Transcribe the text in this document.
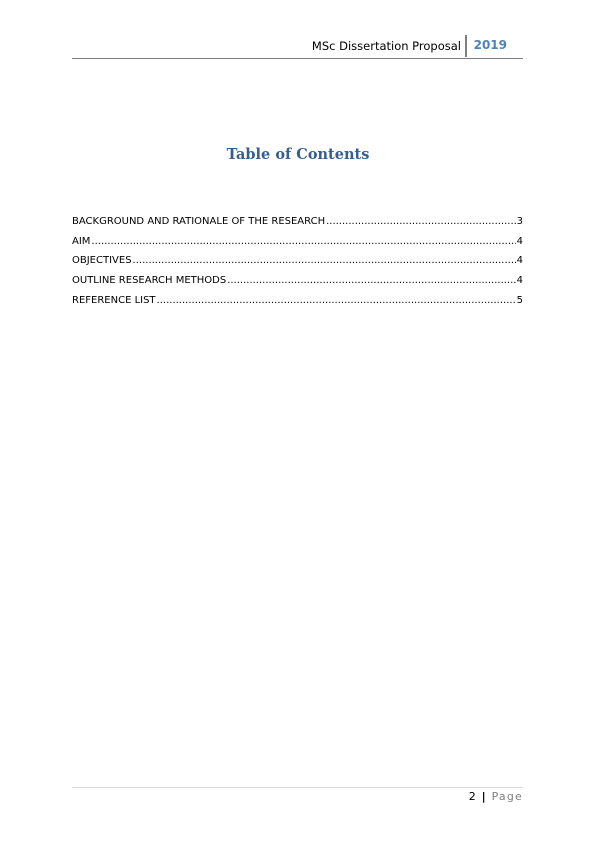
MSc Dissertation Proposal 2019
Table of Contents
BACKGROUND AND RATIONALE OF THE RESEARCH .....	3
AIM .....	4
OBJECTIVES .....	4
OUTLINE RESEARCH METHODS .....	4
REFERENCE LIST .....	5
2 | Page
